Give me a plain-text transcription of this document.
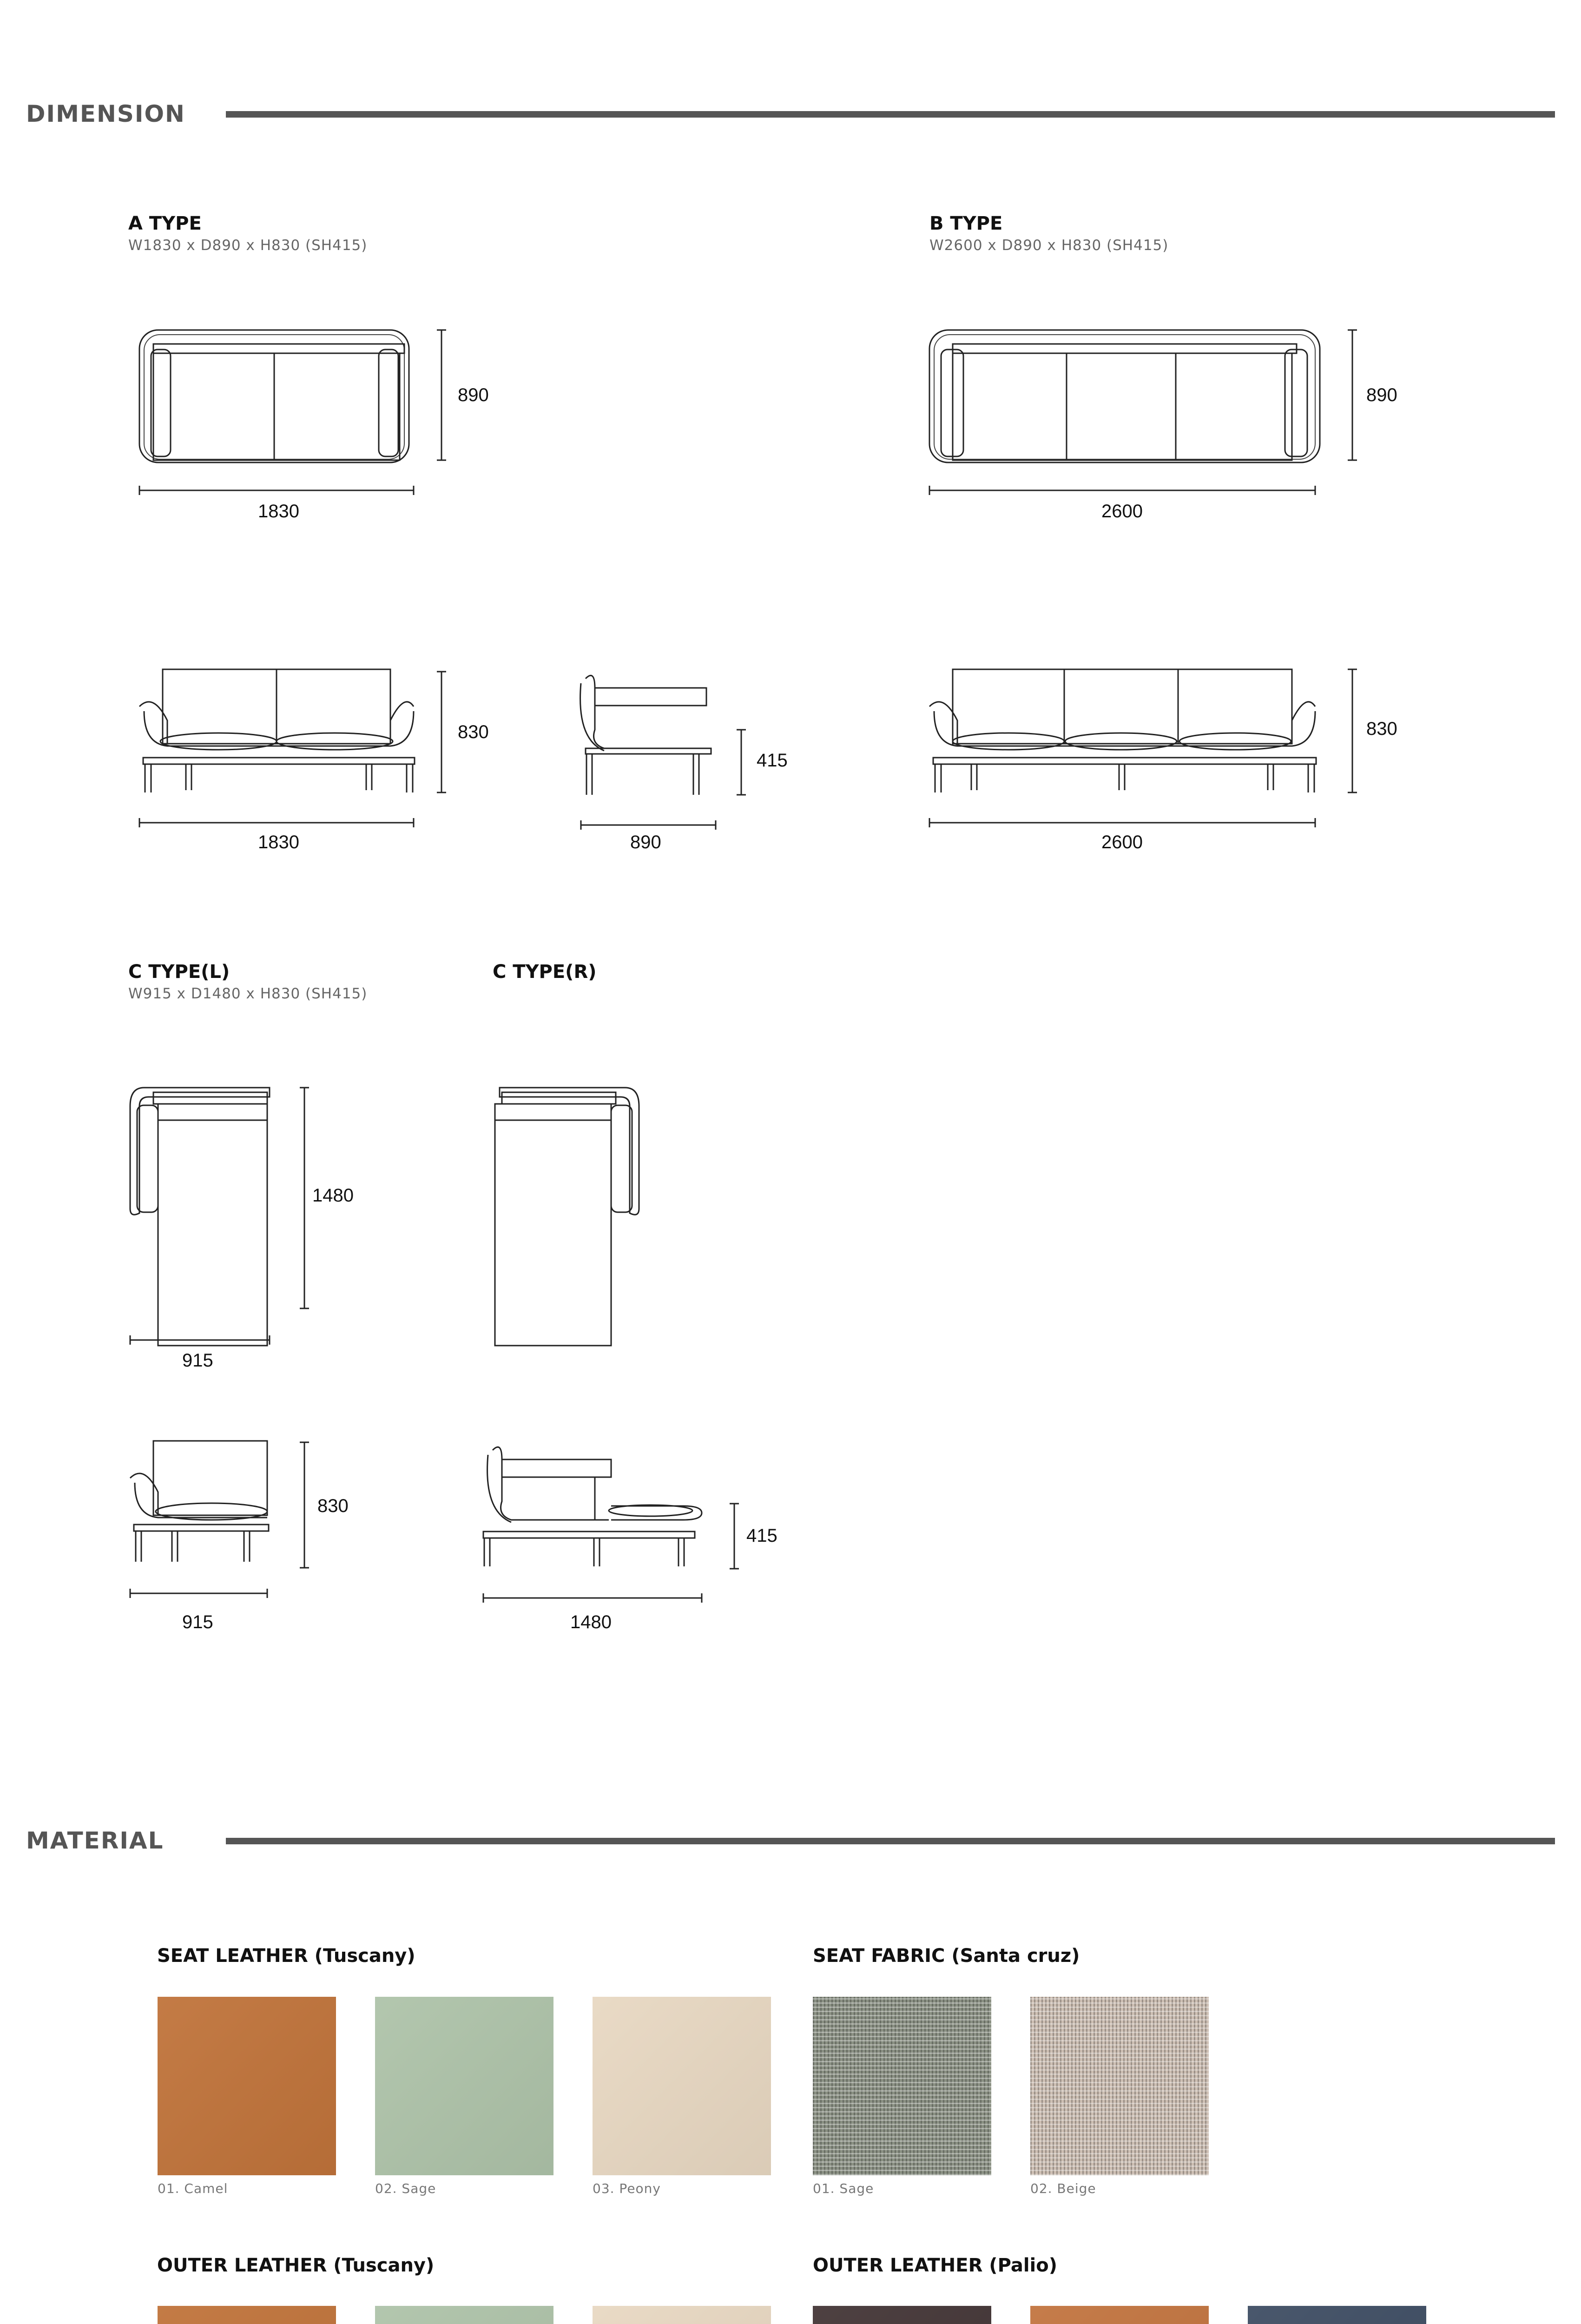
DIMENSION
A TYPE
W1830 x D890 x H830 (SH415)
890
1830
830
1830
415
890
B TYPE
W2600 x D890 x H830 (SH415)
890
2600
830
2600
C TYPE(L)
W915 x D1480 x H830 (SH415)
C TYPE(R)
1480
915
830
915
415
1480
MATERIAL
SEAT LEATHER (Tuscany)
01. Camel	02. Sage	03. Peony
SEAT FABRIC (Santa cruz)
01. Sage	02. Beige
OUTER LEATHER (Tuscany)	OUTER LEATHER (Palio)
